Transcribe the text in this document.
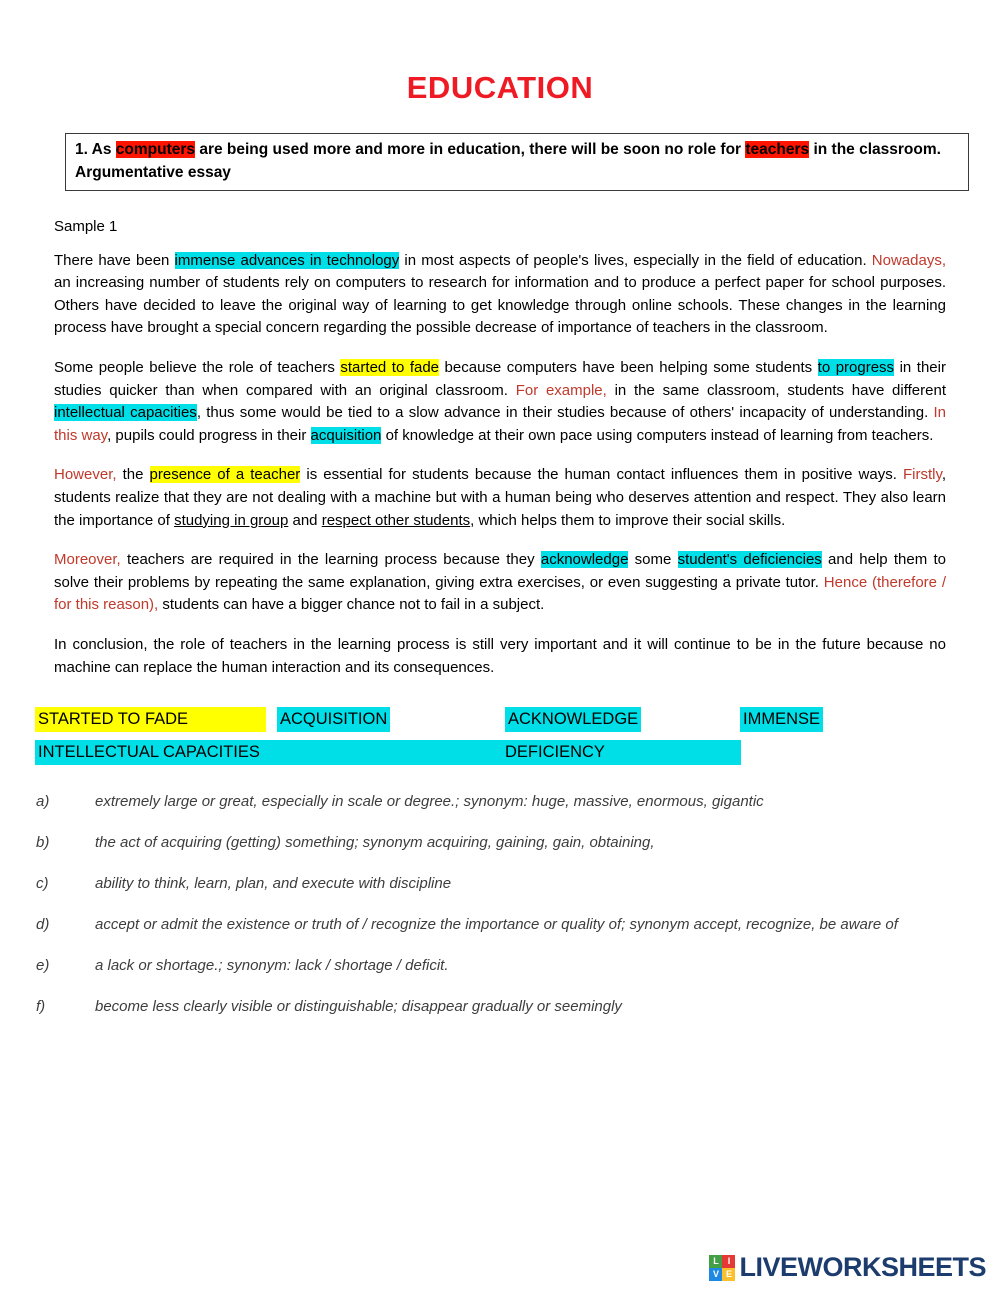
EDUCATION
1. As computers are being used more and more in education, there will be soon no role for teachers in the classroom. Argumentative essay
Sample 1

There have been immense advances in technology in most aspects of people's lives, especially in the field of education. Nowadays, an increasing number of students rely on computers to research for information and to produce a perfect paper for school purposes. Others have decided to leave the original way of learning to get knowledge through online schools. These changes in the learning process have brought a special concern regarding the possible decrease of importance of teachers in the classroom.

Some people believe the role of teachers started to fade because computers have been helping some students to progress in their studies quicker than when compared with an original classroom. For example, in the same classroom, students have different intellectual capacities, thus some would be tied to a slow advance in their studies because of others' incapacity of understanding. In this way, pupils could progress in their acquisition of knowledge at their own pace using computers instead of learning from teachers.

However, the presence of a teacher is essential for students because the human contact influences them in positive ways. Firstly, students realize that they are not dealing with a machine but with a human being who deserves attention and respect. They also learn the importance of studying in group and respect other students, which helps them to improve their social skills.

Moreover, teachers are required in the learning process because they acknowledge some student's deficiencies and help them to solve their problems by repeating the same explanation, giving extra exercises, or even suggesting a private tutor. Hence (therefore / for this reason), students can have a bigger chance not to fail in a subject.

In conclusion, the role of teachers in the learning process is still very important and it will continue to be in the future because no machine can replace the human interaction and its consequences.

STARTED TO FADE	ACQUISITION	ACKNOWLEDGE	IMMENSE
INTELLECTUAL CAPACITIES	DEFICIENCY
a)	extremely large or great, especially in scale or degree.; synonym: huge, massive, enormous, gigantic
b)	the act of acquiring (getting) something; synonym acquiring, gaining, gain, obtaining,
c)	ability to think, learn, plan, and execute with discipline
d)	accept or admit the existence or truth of / recognize the importance or quality of; synonym accept, recognize, be aware of
e)	a lack or shortage.; synonym: lack / shortage / deficit.
f)	become less clearly visible or distinguishable; disappear gradually or seemingly
L I
V E LIVEWORKSHEETS
